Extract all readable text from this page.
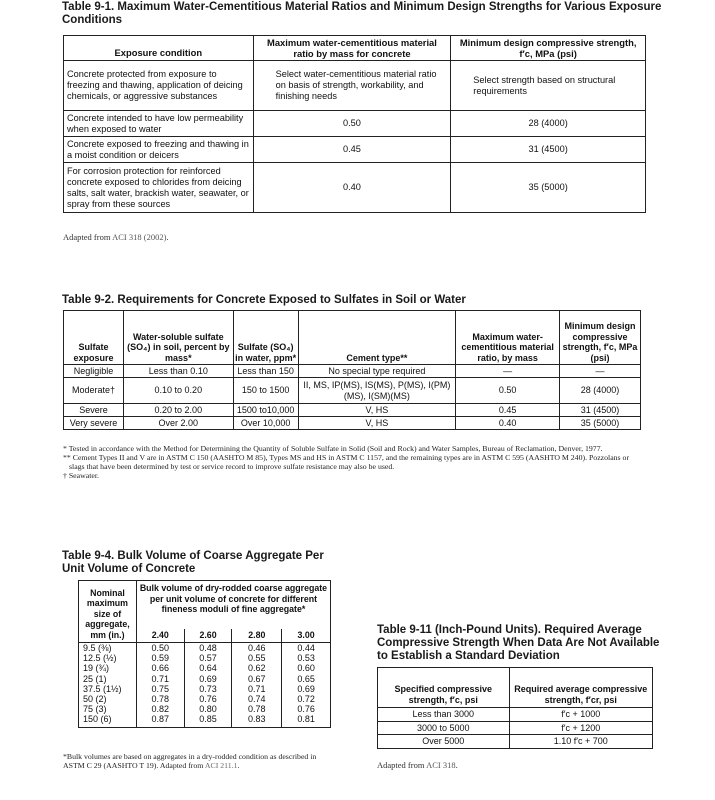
Table 9-1. Maximum Water-Cementitious Material Ratios and Minimum Design Strengths for Various Exposure Conditions
Exposure condition	Maximum water-cementitious material ratio by mass for concrete	Minimum design compressive strength,
f′c, MPa (psi)
Concrete protected from exposure to freezing and thawing, application of deicing chemicals, or aggressive substances	Select water-cementitious material ratio on basis of strength, workability, and finishing needs	Select strength based on structural requirements
Concrete intended to have low permeability when exposed to water	0.50	28 (4000)
Concrete exposed to freezing and thawing in a moist condition or deicers	0.45	31 (4500)
For corrosion protection for reinforced concrete exposed to chlorides from deicing salts, salt water, brackish water, seawater, or spray from these sources	0.40	35 (5000)
Adapted from ACI 318 (2002).
Table 9-2. Requirements for Concrete Exposed to Sulfates in Soil or Water
Sulfate exposure	Water-soluble sulfate (SO₄) in soil, percent by mass*	Sulfate (SO₄) in water, ppm*	Cement type**	Maximum water-cementitious material ratio, by mass	Minimum design compressive strength, f′c, MPa (psi)
Negligible	Less than 0.10	Less than 150	No special type required	—	—
Moderate†	0.10 to 0.20	150 to 1500	II, MS, IP(MS), IS(MS), P(MS), I(PM)(MS), I(SM)(MS)	0.50	28 (4000)
Severe	0.20 to 2.00	1500 to10,000	V, HS	0.45	31 (4500)
Very severe	Over 2.00	Over 10,000	V, HS	0.40	35 (5000)
* Tested in accordance with the Method for Determining the Quantity of Soluble Sulfate in Solid (Soil and Rock) and Water Samples, Bureau of Reclamation, Denver, 1977.
** Cement Types II and V are in ASTM C 150 (AASHTO M 85), Types MS and HS in ASTM C 1157, and the remaining types are in ASTM C 595 (AASHTO M 240). Pozzolans or slags that have been determined by test or service record to improve sulfate resistance may also be used.
† Seawater.
Table 9-4. Bulk Volume of Coarse Aggregate Per Unit Volume of Concrete
Nominal maximum size of aggregate, mm (in.)	Bulk volume of dry-rodded coarse aggregate per unit volume of concrete for different fineness moduli of fine aggregate*			
	2.40	2.60	2.80	3.00
9.5 (⅜)	0.50	0.48	0.46	0.44
12.5 (½)	0.59	0.57	0.55	0.53
19 (¾)	0.66	0.64	0.62	0.60
25 (1)	0.71	0.69	0.67	0.65
37.5 (1½)	0.75	0.73	0.71	0.69
50 (2)	0.78	0.76	0.74	0.72
75 (3)	0.82	0.80	0.78	0.76
150 (6)	0.87	0.85	0.83	0.81
*Bulk volumes are based on aggregates in a dry-rodded condition as described in ASTM C 29 (AASHTO T 19). Adapted from ACI 211.1.
Table 9-11 (Inch-Pound Units). Required Average Compressive Strength When Data Are Not Available to Establish a Standard Deviation
Specified compressive strength, f′c, psi	Required average compressive strength, f′cr, psi
Less than 3000	f′c + 1000
3000 to 5000	f′c + 1200
Over 5000	1.10 f′c + 700
Adapted from ACI 318.
